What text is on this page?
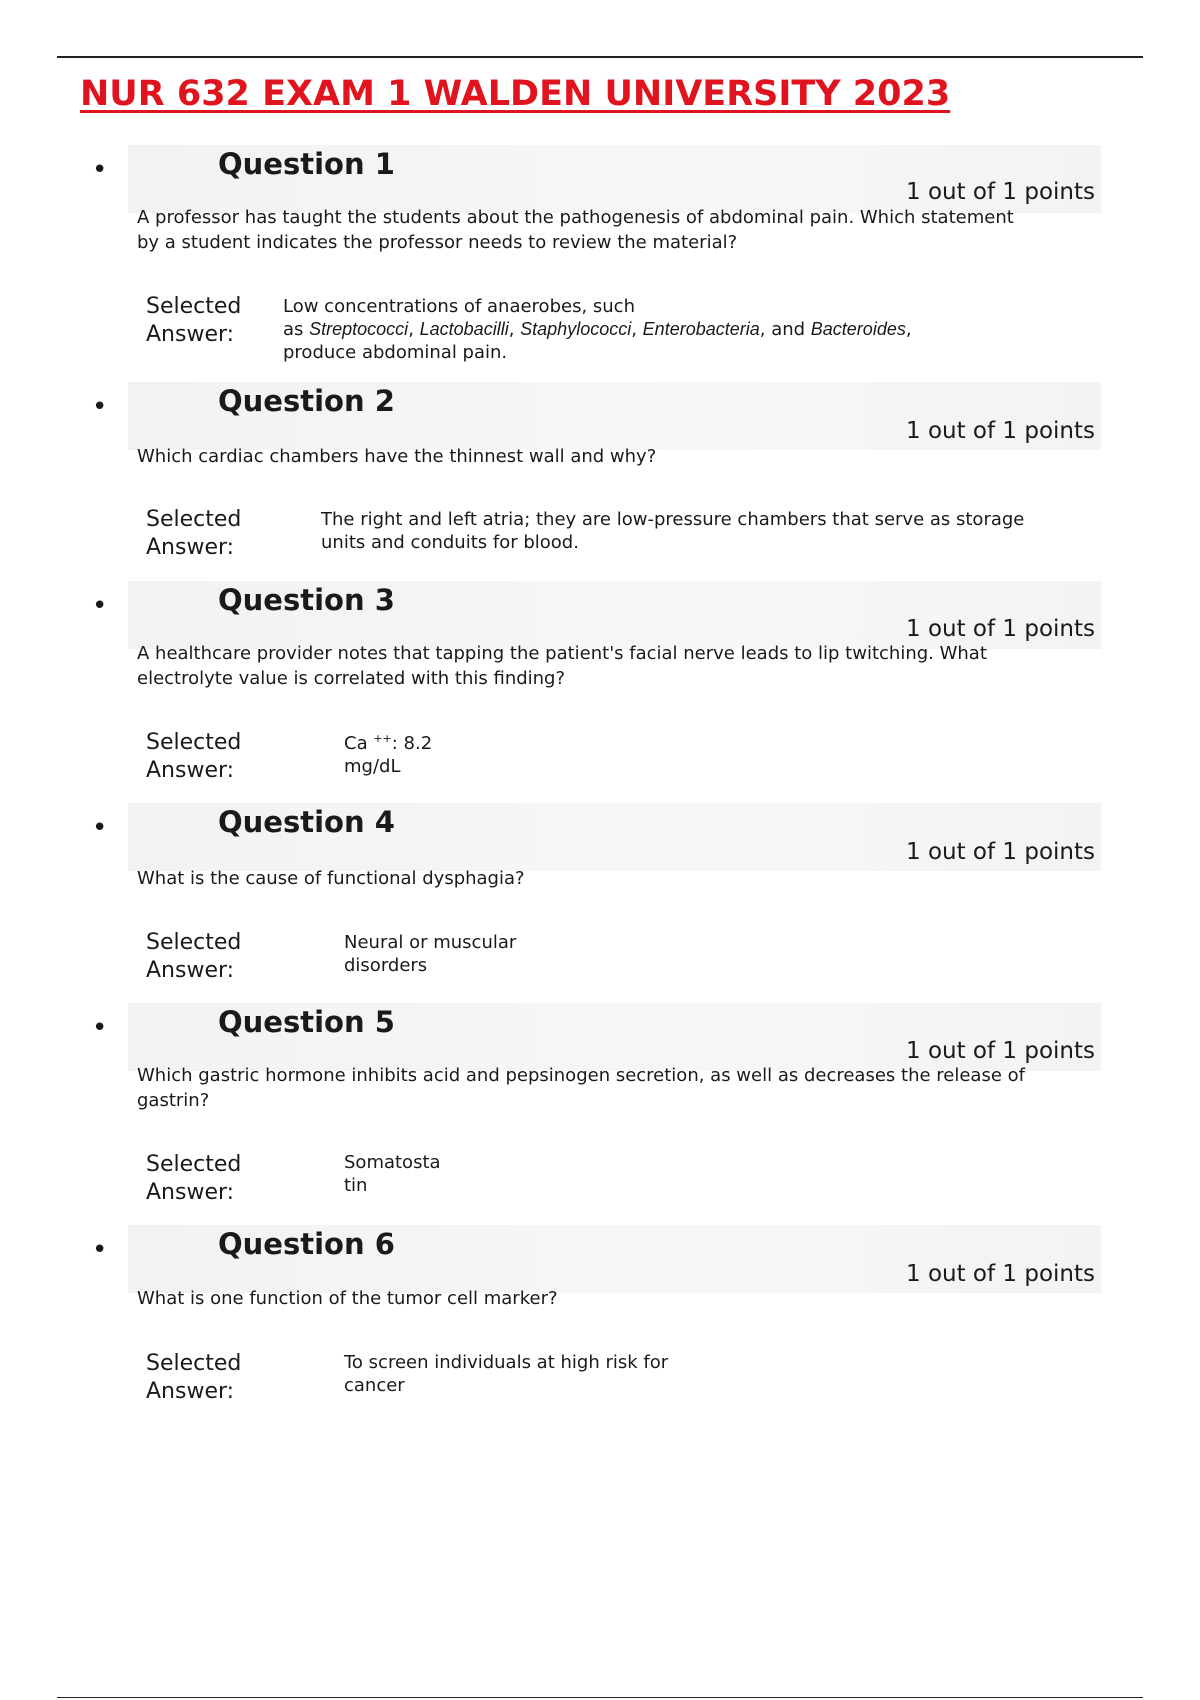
NUR 632 EXAM 1 WALDEN UNIVERSITY 2023
•	Question 1
1 out of 1 points
A professor has taught the students about the pathogenesis of abdominal pain. Which statement by a student indicates the professor needs to review the material?
Selected
Answer:
Low concentrations of anaerobes, such
as Streptococci, Lactobacilli, Staphylococci, Enterobacteria, and Bacteroides,
produce abdominal pain.
•	Question 2
1 out of 1 points
Which cardiac chambers have the thinnest wall and why?
Selected
Answer:
The right and left atria; they are low-pressure chambers that serve as storage units and conduits for blood.
•	Question 3
1 out of 1 points
A healthcare provider notes that tapping the patient's facial nerve leads to lip twitching. What electrolyte value is correlated with this finding?
Selected
Answer:
Ca ++: 8.2
mg/dL
•	Question 4
1 out of 1 points
What is the cause of functional dysphagia?
Selected
Answer:
Neural or muscular disorders
•	Question 5
1 out of 1 points
Which gastric hormone inhibits acid and pepsinogen secretion, as well as decreases the release of gastrin?
Selected
Answer:
Somatosta
tin
•	Question 6
1 out of 1 points
What is one function of the tumor cell marker?
Selected
Answer:
To screen individuals at high risk for cancer
